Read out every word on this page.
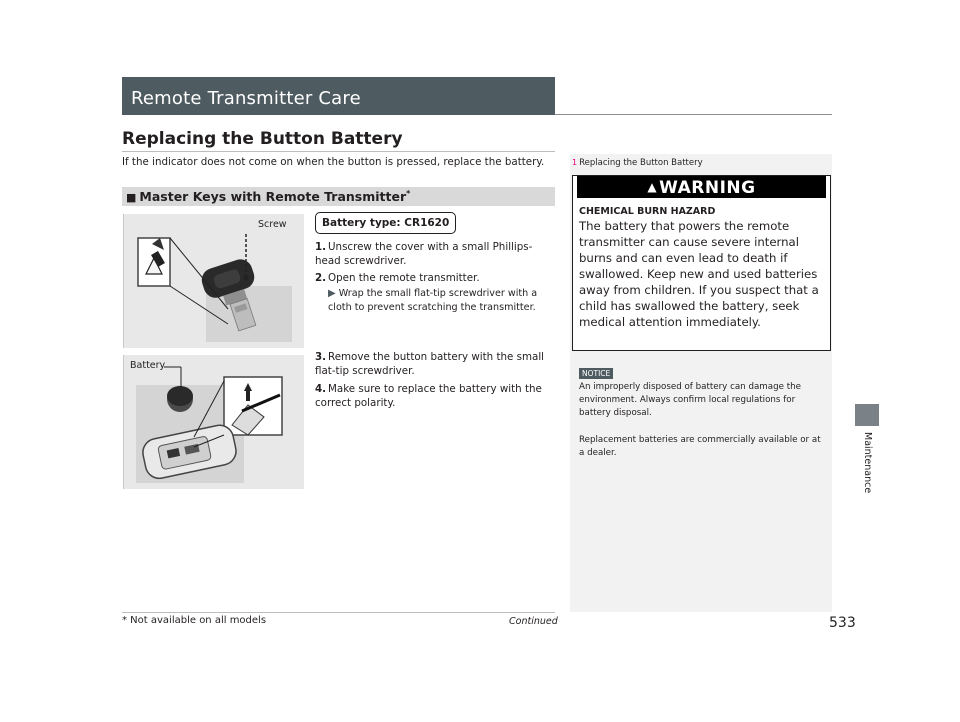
Remote Transmitter Care
Replacing the Button Battery
If the indicator does not come on when the button is pressed, replace the battery.
■ Master Keys with Remote Transmitter*
Screw
Battery
Battery type: CR1620
1. Unscrew the cover with a small Phillips-head screwdriver.
2. Open the remote transmitter.
▶ Wrap the small flat-tip screwdriver with a cloth to prevent scratching the transmitter.
3. Remove the button battery with the small flat-tip screwdriver.
4. Make sure to replace the battery with the correct polarity.
1 Replacing the Button Battery
▲ WARNING
CHEMICAL BURN HAZARD
The battery that powers the remote transmitter can cause severe internal burns and can even lead to death if swallowed. Keep new and used batteries away from children. If you suspect that a child has swallowed the battery, seek medical attention immediately.
NOTICE
An improperly disposed of battery can damage the environment. Always confirm local regulations for battery disposal.
Replacement batteries are commercially available or at a dealer.	Maintenance
* Not available on all models	Continued	533
